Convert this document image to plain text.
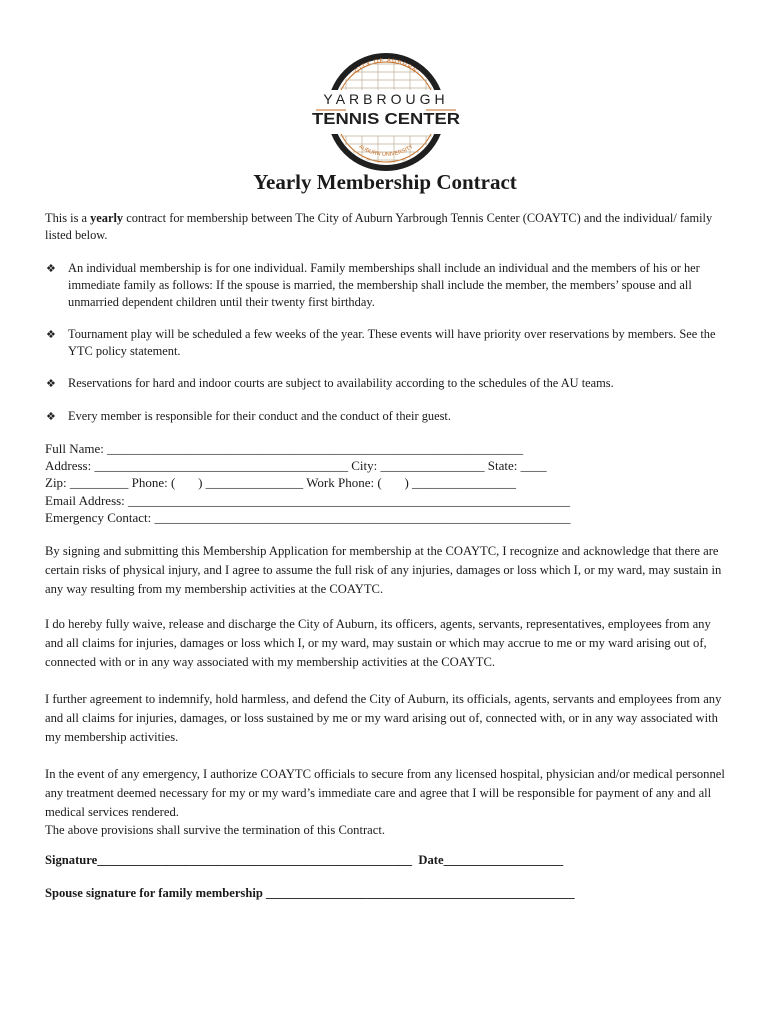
CITY OF AUBURN
YARBROUGH
TENNIS CENTER
AUBURN UNIVERSITY
Yearly Membership Contract

This is a yearly contract for membership between The City of Auburn Yarbrough Tennis Center (COAYTC) and the individual/ family listed below.

❖ An individual membership is for one individual. Family memberships shall include an individual and the members of his or her immediate family as follows: If the spouse is married, the membership shall include the member, the members’ spouse and all unmarried dependent children until their twenty first birthday.
❖ Tournament play will be scheduled a few weeks of the year. These events will have priority over reservations by members. See the YTC policy statement.
❖ Reservations for hard and indoor courts are subject to availability according to the schedules of the AU teams.
❖ Every member is responsible for their conduct and the conduct of their guest.
Full Name: ________________________________________________________________
Address: _______________________________________ City: ________________ State: ____
Zip: _________ Phone: (       ) _______________ Work Phone: (       ) ________________
Email Address: ____________________________________________________________________
Emergency Contact: ________________________________________________________________

By signing and submitting this Membership Application for membership at the COAYTC, I recognize and acknowledge that there are certain risks of physical injury, and I agree to assume the full risk of any injuries, damages or loss which I, or my ward, may sustain in any way resulting from my membership activities at the COAYTC.

I do hereby fully waive, release and discharge the City of Auburn, its officers, agents, servants, representatives, employees from any and all claims for injuries, damages or loss which I, or my ward, may sustain or which may accrue to me or my ward arising out of, connected with or in any way associated with my membership activities at the COAYTC.

I further agreement to indemnify, hold harmless, and defend the City of Auburn, its officials, agents, servants and employees from any and all claims for injuries, damages, or loss sustained by me or my ward arising out of, connected with, or in any way associated with my membership activities.

In the event of any emergency, I authorize COAYTC officials to secure from any licensed hospital, physician and/or medical personnel any treatment deemed necessary for my or my ward’s immediate care and agree that I will be responsible for payment of any and all medical services rendered.
The above provisions shall survive the termination of this Contract.
Signature__________________________________________________  Date___________________
Spouse signature for family membership _________________________________________________
